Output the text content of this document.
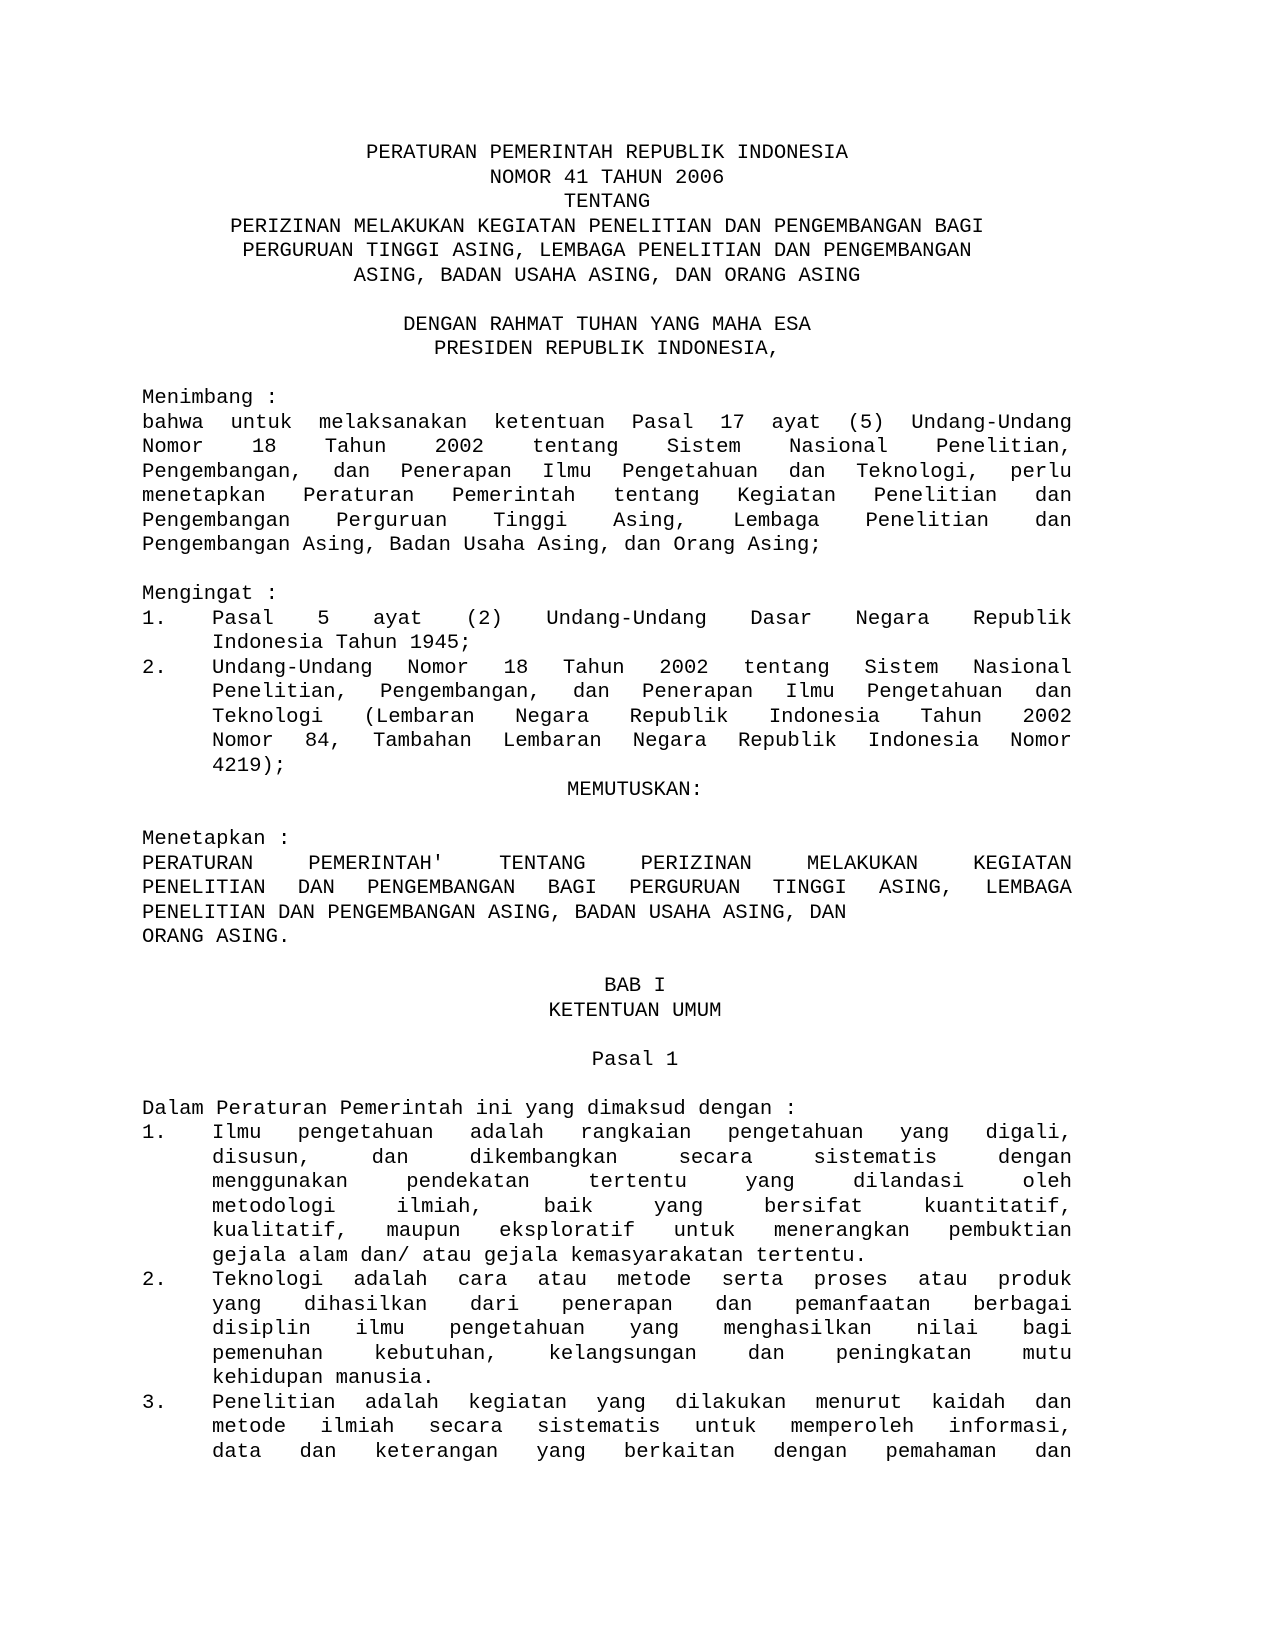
PERATURAN PEMERINTAH REPUBLIK INDONESIA
NOMOR 41 TAHUN 2006
TENTANG
PERIZINAN MELAKUKAN KEGIATAN PENELITIAN DAN PENGEMBANGAN BAGI
PERGURUAN TINGGI ASING, LEMBAGA PENELITIAN DAN PENGEMBANGAN
ASING, BADAN USAHA ASING, DAN ORANG ASING
DENGAN RAHMAT TUHAN YANG MAHA ESA
PRESIDEN REPUBLIK INDONESIA,
Menimbang :
bahwa untuk melaksanakan ketentuan Pasal 17 ayat (5) Undang-Undang
Nomor 18 Tahun 2002 tentang Sistem Nasional Penelitian,
Pengembangan, dan Penerapan Ilmu Pengetahuan dan Teknologi, perlu
menetapkan Peraturan Pemerintah tentang Kegiatan Penelitian dan
Pengembangan Perguruan Tinggi Asing, Lembaga Penelitian dan
Pengembangan Asing, Badan Usaha Asing, dan Orang Asing;
Mengingat :
1.	Pasal 5 ayat (2) Undang-Undang Dasar Negara Republik
Indonesia Tahun 1945;
2.	Undang-Undang Nomor 18 Tahun 2002 tentang Sistem Nasional
Penelitian, Pengembangan, dan Penerapan Ilmu Pengetahuan dan
Teknologi (Lembaran Negara Republik Indonesia Tahun 2002
Nomor 84, Tambahan Lembaran Negara Republik Indonesia Nomor
4219);
MEMUTUSKAN:
Menetapkan :
PERATURAN	PEMERINTAH'	TENTANG	PERIZINAN	MELAKUKAN	KEGIATAN
PENELITIAN DAN PENGEMBANGAN BAGI PERGURUAN TINGGI ASING, LEMBAGA
PENELITIAN DAN PENGEMBANGAN ASING, BADAN USAHA ASING, DAN
ORANG ASING.
BAB I
KETENTUAN UMUM
Pasal 1
Dalam Peraturan Pemerintah ini yang dimaksud dengan :
1.	Ilmu pengetahuan adalah rangkaian pengetahuan yang digali,
disusun,	dan	dikembangkan	secara	sistematis	dengan
menggunakan	pendekatan	tertentu	yang	dilandasi	oleh
metodologi	ilmiah,	baik	yang	bersifat	kuantitatif,
kualitatif, maupun eksploratif untuk menerangkan pembuktian
gejala alam dan/ atau gejala kemasyarakatan tertentu.
2.	Teknologi adalah cara atau metode serta proses atau produk
yang dihasilkan dari penerapan dan pemanfaatan berbagai
disiplin ilmu pengetahuan yang menghasilkan nilai bagi
pemenuhan kebutuhan, kelangsungan dan peningkatan mutu
kehidupan manusia.
3.	Penelitian adalah kegiatan yang dilakukan menurut kaidah dan
metode ilmiah secara sistematis untuk memperoleh informasi,
data dan keterangan yang berkaitan dengan pemahaman dan
